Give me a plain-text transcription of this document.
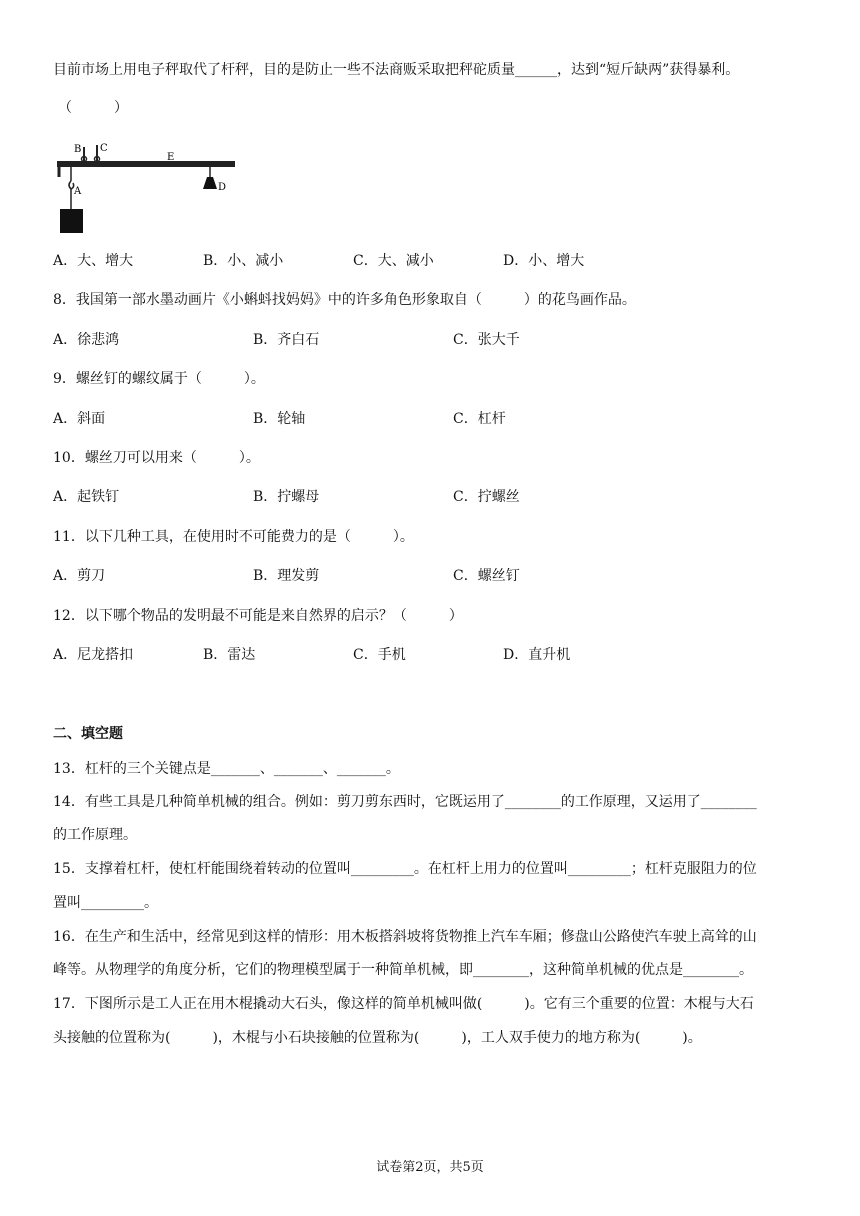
目前市场上用电子秤取代了杆秤，目的是防止一些不法商贩采取把秤砣质量______，达到“短斤缺两”获得暴利。
（　　　）
B C
E
A	D
A．大、增大	B．小、减小	C．大、减小	D．小、增大
8．我国第一部水墨动画片《小蝌蚪找妈妈》中的许多角色形象取自（　　　）的花鸟画作品。
A．徐悲鸿	B．齐白石	C．张大千
9．螺丝钉的螺纹属于（　　　）。
A．斜面	B．轮轴	C．杠杆
10．螺丝刀可以用来（　　　）。
A．起铁钉	B．拧螺母	C．拧螺丝
11．以下几种工具，在使用时不可能费力的是（　　　）。
A．剪刀	B．理发剪	C．螺丝钉
12．以下哪个物品的发明最不可能是来自然界的启示？（　　　）
A．尼龙搭扣	B．雷达	C．手机	D．直升机
二、填空题
13．杠杆的三个关键点是_______、_______、_______。
14．有些工具是几种简单机械的组合。例如：剪刀剪东西时，它既运用了________的工作原理，又运用了________
的工作原理。
15．支撑着杠杆，使杠杆能围绕着转动的位置叫_________。在杠杆上用力的位置叫_________；杠杆克服阻力的位
置叫_________。
16．在生产和生活中，经常见到这样的情形：用木板搭斜坡将货物推上汽车车厢；修盘山公路使汽车驶上高耸的山
峰等。从物理学的角度分析，它们的物理模型属于一种简单机械，即________，这种简单机械的优点是________。
17．下图所示是工人正在用木棍撬动大石头，像这样的简单机械叫做(　　　)。它有三个重要的位置：木棍与大石
头接触的位置称为(　　　)，木棍与小石块接触的位置称为(　　　)，工人双手使力的地方称为(　　　)。
试卷第2页，共5页
